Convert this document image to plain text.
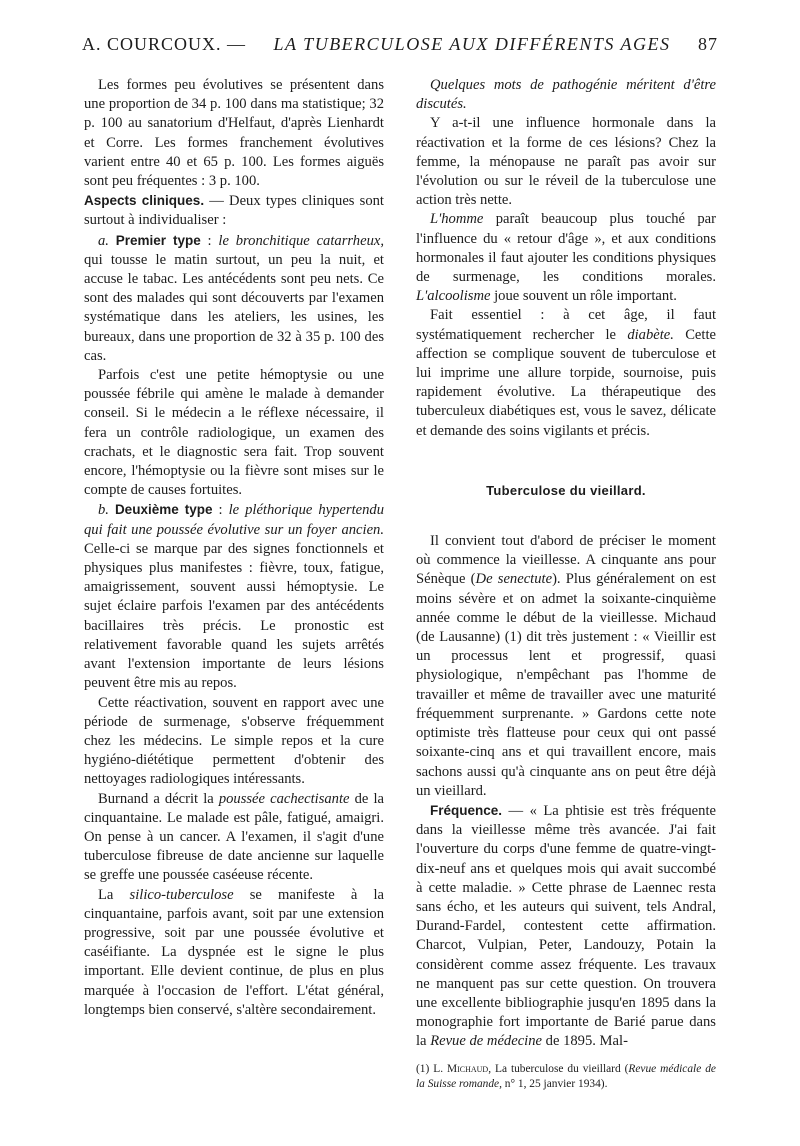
A. COURCOUX. — LA TUBERCULOSE AUX DIFFÉRENTS AGES 87

Les formes peu évolutives se présentent dans une proportion de 34 p. 100 dans ma statistique; 32 p. 100 au sanatorium d'Helfaut, d'après Lienhardt et Corre. Les formes franchement évolutives varient entre 40 et 65 p. 100. Les formes aiguës sont peu fréquentes : 3 p. 100.

Aspects cliniques. — Deux types cliniques sont surtout à individualiser :

a. Premier type : le bronchitique catarrheux, qui tousse le matin surtout, un peu la nuit, et accuse le tabac. Les antécédents sont peu nets. Ce sont des malades qui sont découverts par l'examen systématique dans les ateliers, les usines, les bureaux, dans une proportion de 32 à 35 p. 100 des cas.

Parfois c'est une petite hémoptysie ou une poussée fébrile qui amène le malade à demander conseil. Si le médecin a le réflexe nécessaire, il fera un contrôle radiologique, un examen des crachats, et le diagnostic sera fait. Trop souvent encore, l'hémoptysie ou la fièvre sont mises sur le compte de causes fortuites.

b. Deuxième type : le pléthorique hypertendu qui fait une poussée évolutive sur un foyer ancien. Celle-ci se marque par des signes fonctionnels et physiques plus manifestes : fièvre, toux, fatigue, amaigrissement, souvent aussi hémoptysie. Le sujet éclaire parfois l'examen par des antécédents bacillaires très précis. Le pronostic est relativement favorable quand les sujets arrêtés avant l'extension importante de leurs lésions peuvent être mis au repos.

Cette réactivation, souvent en rapport avec une période de surmenage, s'observe fréquemment chez les médecins. Le simple repos et la cure hygiéno-diététique permettent d'obtenir des nettoyages radiologiques intéressants.

Burnand a décrit la poussée cachectisante de la cinquantaine. Le malade est pâle, fatigué, amaigri. On pense à un cancer. A l'examen, il s'agit d'une tuberculose fibreuse de date ancienne sur laquelle se greffe une poussée caséeuse récente.

La silico-tuberculose se manifeste à la cinquantaine, parfois avant, soit par une extension progressive, soit par une poussée évolutive et caséifiante. La dyspnée est le signe le plus important. Elle devient continue, de plus en plus marquée à l'occasion de l'effort. L'état général, longtemps bien conservé, s'altère secondairement.

Quelques mots de pathogénie méritent d'être discutés.

Y a-t-il une influence hormonale dans la réactivation et la forme de ces lésions? Chez la femme, la ménopause ne paraît pas avoir sur l'évolution ou sur le réveil de la tuberculose une action très nette.

L'homme paraît beaucoup plus touché par l'influence du « retour d'âge », et aux conditions hormonales il faut ajouter les conditions physiques de surmenage, les conditions morales. L'alcoolisme joue souvent un rôle important.

Fait essentiel : à cet âge, il faut systématiquement rechercher le diabète. Cette affection se complique souvent de tuberculose et lui imprime une allure torpide, sournoise, puis rapidement évolutive. La thérapeutique des tuberculeux diabétiques est, vous le savez, délicate et demande des soins vigilants et précis.

Tuberculose du vieillard.

Il convient tout d'abord de préciser le moment où commence la vieillesse. A cinquante ans pour Sénèque (De senectute). Plus généralement on est moins sévère et on admet la soixante-cinquième année comme le début de la vieillesse. Michaud (de Lausanne) (1) dit très justement : « Vieillir est un processus lent et progressif, quasi physiologique, n'empêchant pas l'homme de travailler et même de travailler avec une maturité fréquemment surprenante. » Gardons cette note optimiste très flatteuse pour ceux qui ont passé soixante-cinq ans et qui travaillent encore, mais sachons aussi qu'à cinquante ans on peut être déjà un vieillard.

Fréquence. — « La phtisie est très fréquente dans la vieillesse même très avancée. J'ai fait l'ouverture du corps d'une femme de quatre-vingt-dix-neuf ans et quelques mois qui avait succombé à cette maladie. » Cette phrase de Laennec resta sans écho, et les auteurs qui suivent, tels Andral, Durand-Fardel, contestent cette affirmation. Charcot, Vulpian, Peter, Landouzy, Potain la considèrent comme assez fréquente. Les travaux ne manquent pas sur cette question. On trouvera une excellente bibliographie jusqu'en 1895 dans la monographie fort importante de Barié parue dans la Revue de médecine de 1895. Mal-

(1) L. Michaud, La tuberculose du vieillard (Revue médicale de la Suisse romande, n° 1, 25 janvier 1934).
